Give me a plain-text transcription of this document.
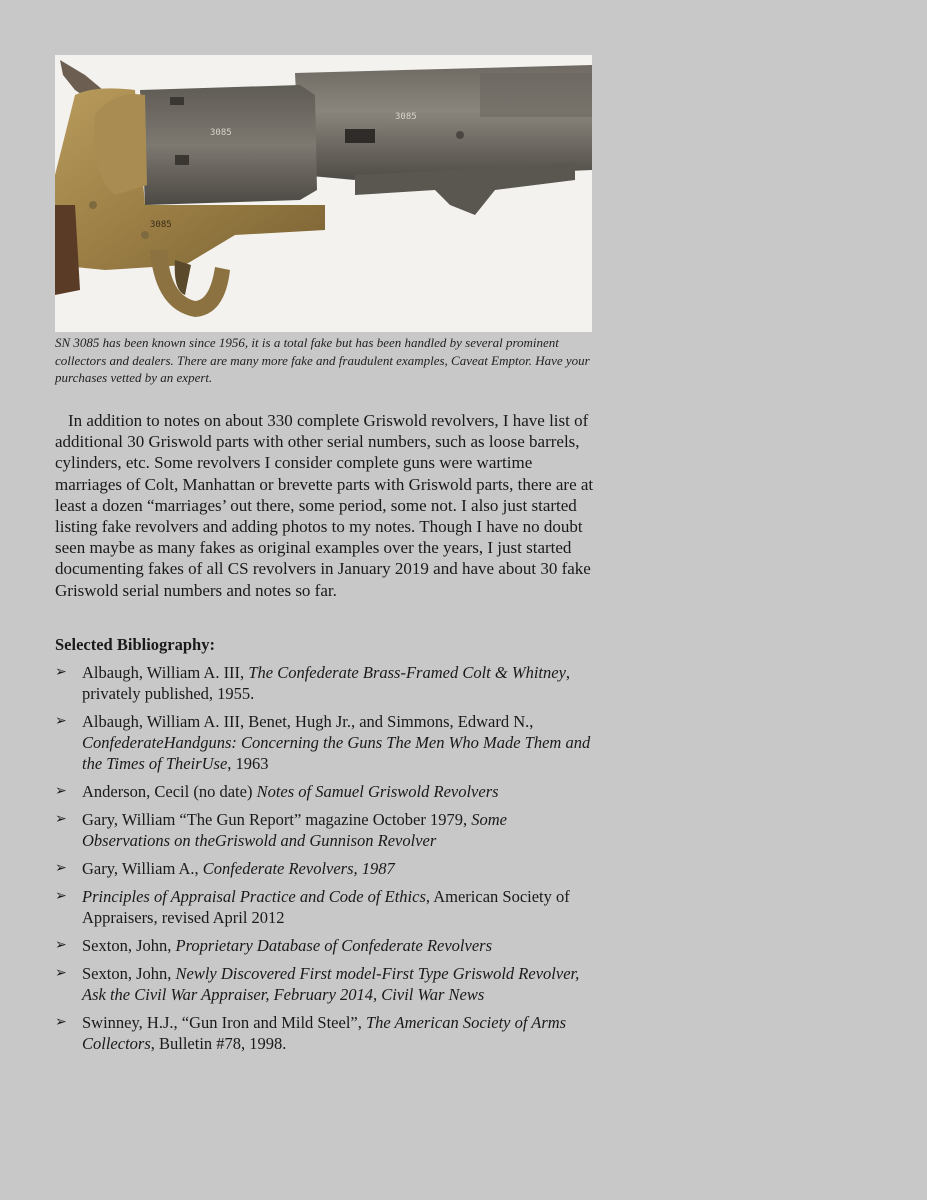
3085
3085
3085
SN 3085 has been known since 1956, it is a total fake but has been handled by several prominent collectors and dealers. There are many more fake and fraudulent examples, Caveat Emptor. Have your purchases vetted by an expert.

In addition to notes on about 330 complete Griswold revolvers, I have list of additional 30 Griswold parts with other serial numbers, such as loose barrels, cylinders, etc. Some revolvers I consider complete guns were wartime marriages of Colt, Manhattan or brevette parts with Griswold parts, there are at least a dozen “marriages’ out there, some period, some not. I also just started listing fake revolvers and adding photos to my notes. Though I have no doubt seen maybe as many fakes as original examples over the years, I just started documenting fakes of all CS revolvers in January 2019 and have about 30 fake Griswold serial numbers and notes so far.

Selected Bibliography:
➢ Albaugh, William A. III, The Confederate Brass-Framed Colt & Whitney, privately published, 1955.
➢ Albaugh, William A. III, Benet, Hugh Jr., and Simmons, Edward N., ConfederateHandguns: Concerning the Guns The Men Who Made Them and the Times of TheirUse, 1963
➢ Anderson, Cecil (no date) Notes of Samuel Griswold Revolvers
➢ Gary, William “The Gun Report” magazine October 1979, Some Observations on theGriswold and Gunnison Revolver
➢ Gary, William A., Confederate Revolvers, 1987
➢ Principles of Appraisal Practice and Code of Ethics, American Society of Appraisers, revised April 2012
➢ Sexton, John, Proprietary Database of Confederate Revolvers
➢ Sexton, John, Newly Discovered First model-First Type Griswold Revolver, Ask the Civil War Appraiser, February 2014, Civil War News
➢ Swinney, H.J., “Gun Iron and Mild Steel”, The American Society of Arms Collectors, Bulletin #78, 1998.
